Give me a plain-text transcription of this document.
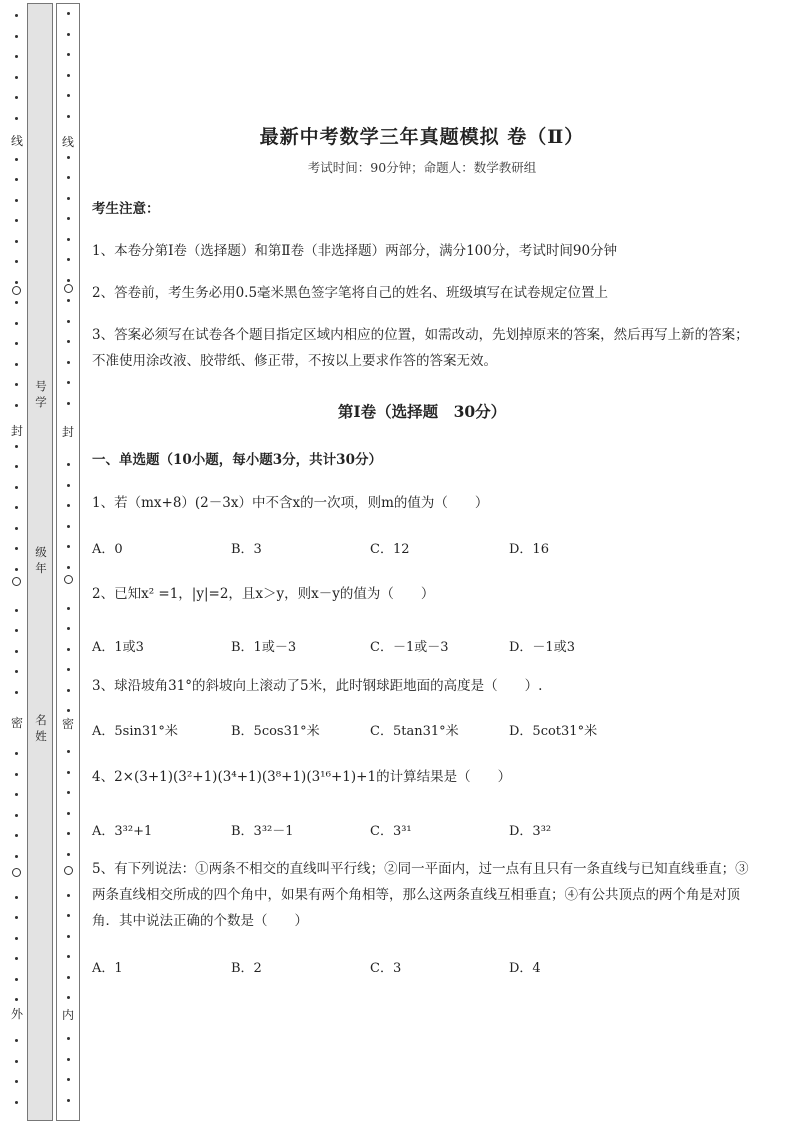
线
封
密
外
号学
级年
名姓
线
封
密
内
最新中考数学三年真题模拟 卷（Ⅱ）
考试时间：90分钟；命题人：数学教研组
考生注意：
1、本卷分第Ⅰ卷（选择题）和第Ⅱ卷（非选择题）两部分，满分100分，考试时间90分钟
2、答卷前，考生务必用0.5毫米黑色签字笔将自己的姓名、班级填写在试卷规定位置上
3、答案必须写在试卷各个题目指定区域内相应的位置，如需改动，先划掉原来的答案，然后再写上新的答案；不准使用涂改液、胶带纸、修正带，不按以上要求作答的答案无效。
第Ⅰ卷（选择题　30分）
一、单选题（10小题，每小题3分，共计30分）
1、若（mx+8）(2－3x）中不含x的一次项，则m的值为（　　）
A．0	B．3	C．12	D．16
2、已知x² =1，|y|=2，且x＞y，则x－y的值为（　　）
A．1或3	B．1或－3	C．－1或－3	D．－1或3
3、球沿坡角31°的斜坡向上滚动了5米，此时钢球距地面的高度是（　　）.
A．5sin31°米	B．5cos31°米	C．5tan31°米	D．5cot31°米
4、2×(3+1)(3²+1)(3⁴+1)(3⁸+1)(3¹⁶+1)+1的计算结果是（　　）
A．3³²+1	B．3³²－1	C．3³¹	D．3³²
5、有下列说法：①两条不相交的直线叫平行线；②同一平面内，过一点有且只有一条直线与已知直线垂直；③两条直线相交所成的四个角中，如果有两个角相等，那么这两条直线互相垂直；④有公共顶点的两个角是对顶角．其中说法正确的个数是（　　）
A．1	B．2	C．3	D．4
